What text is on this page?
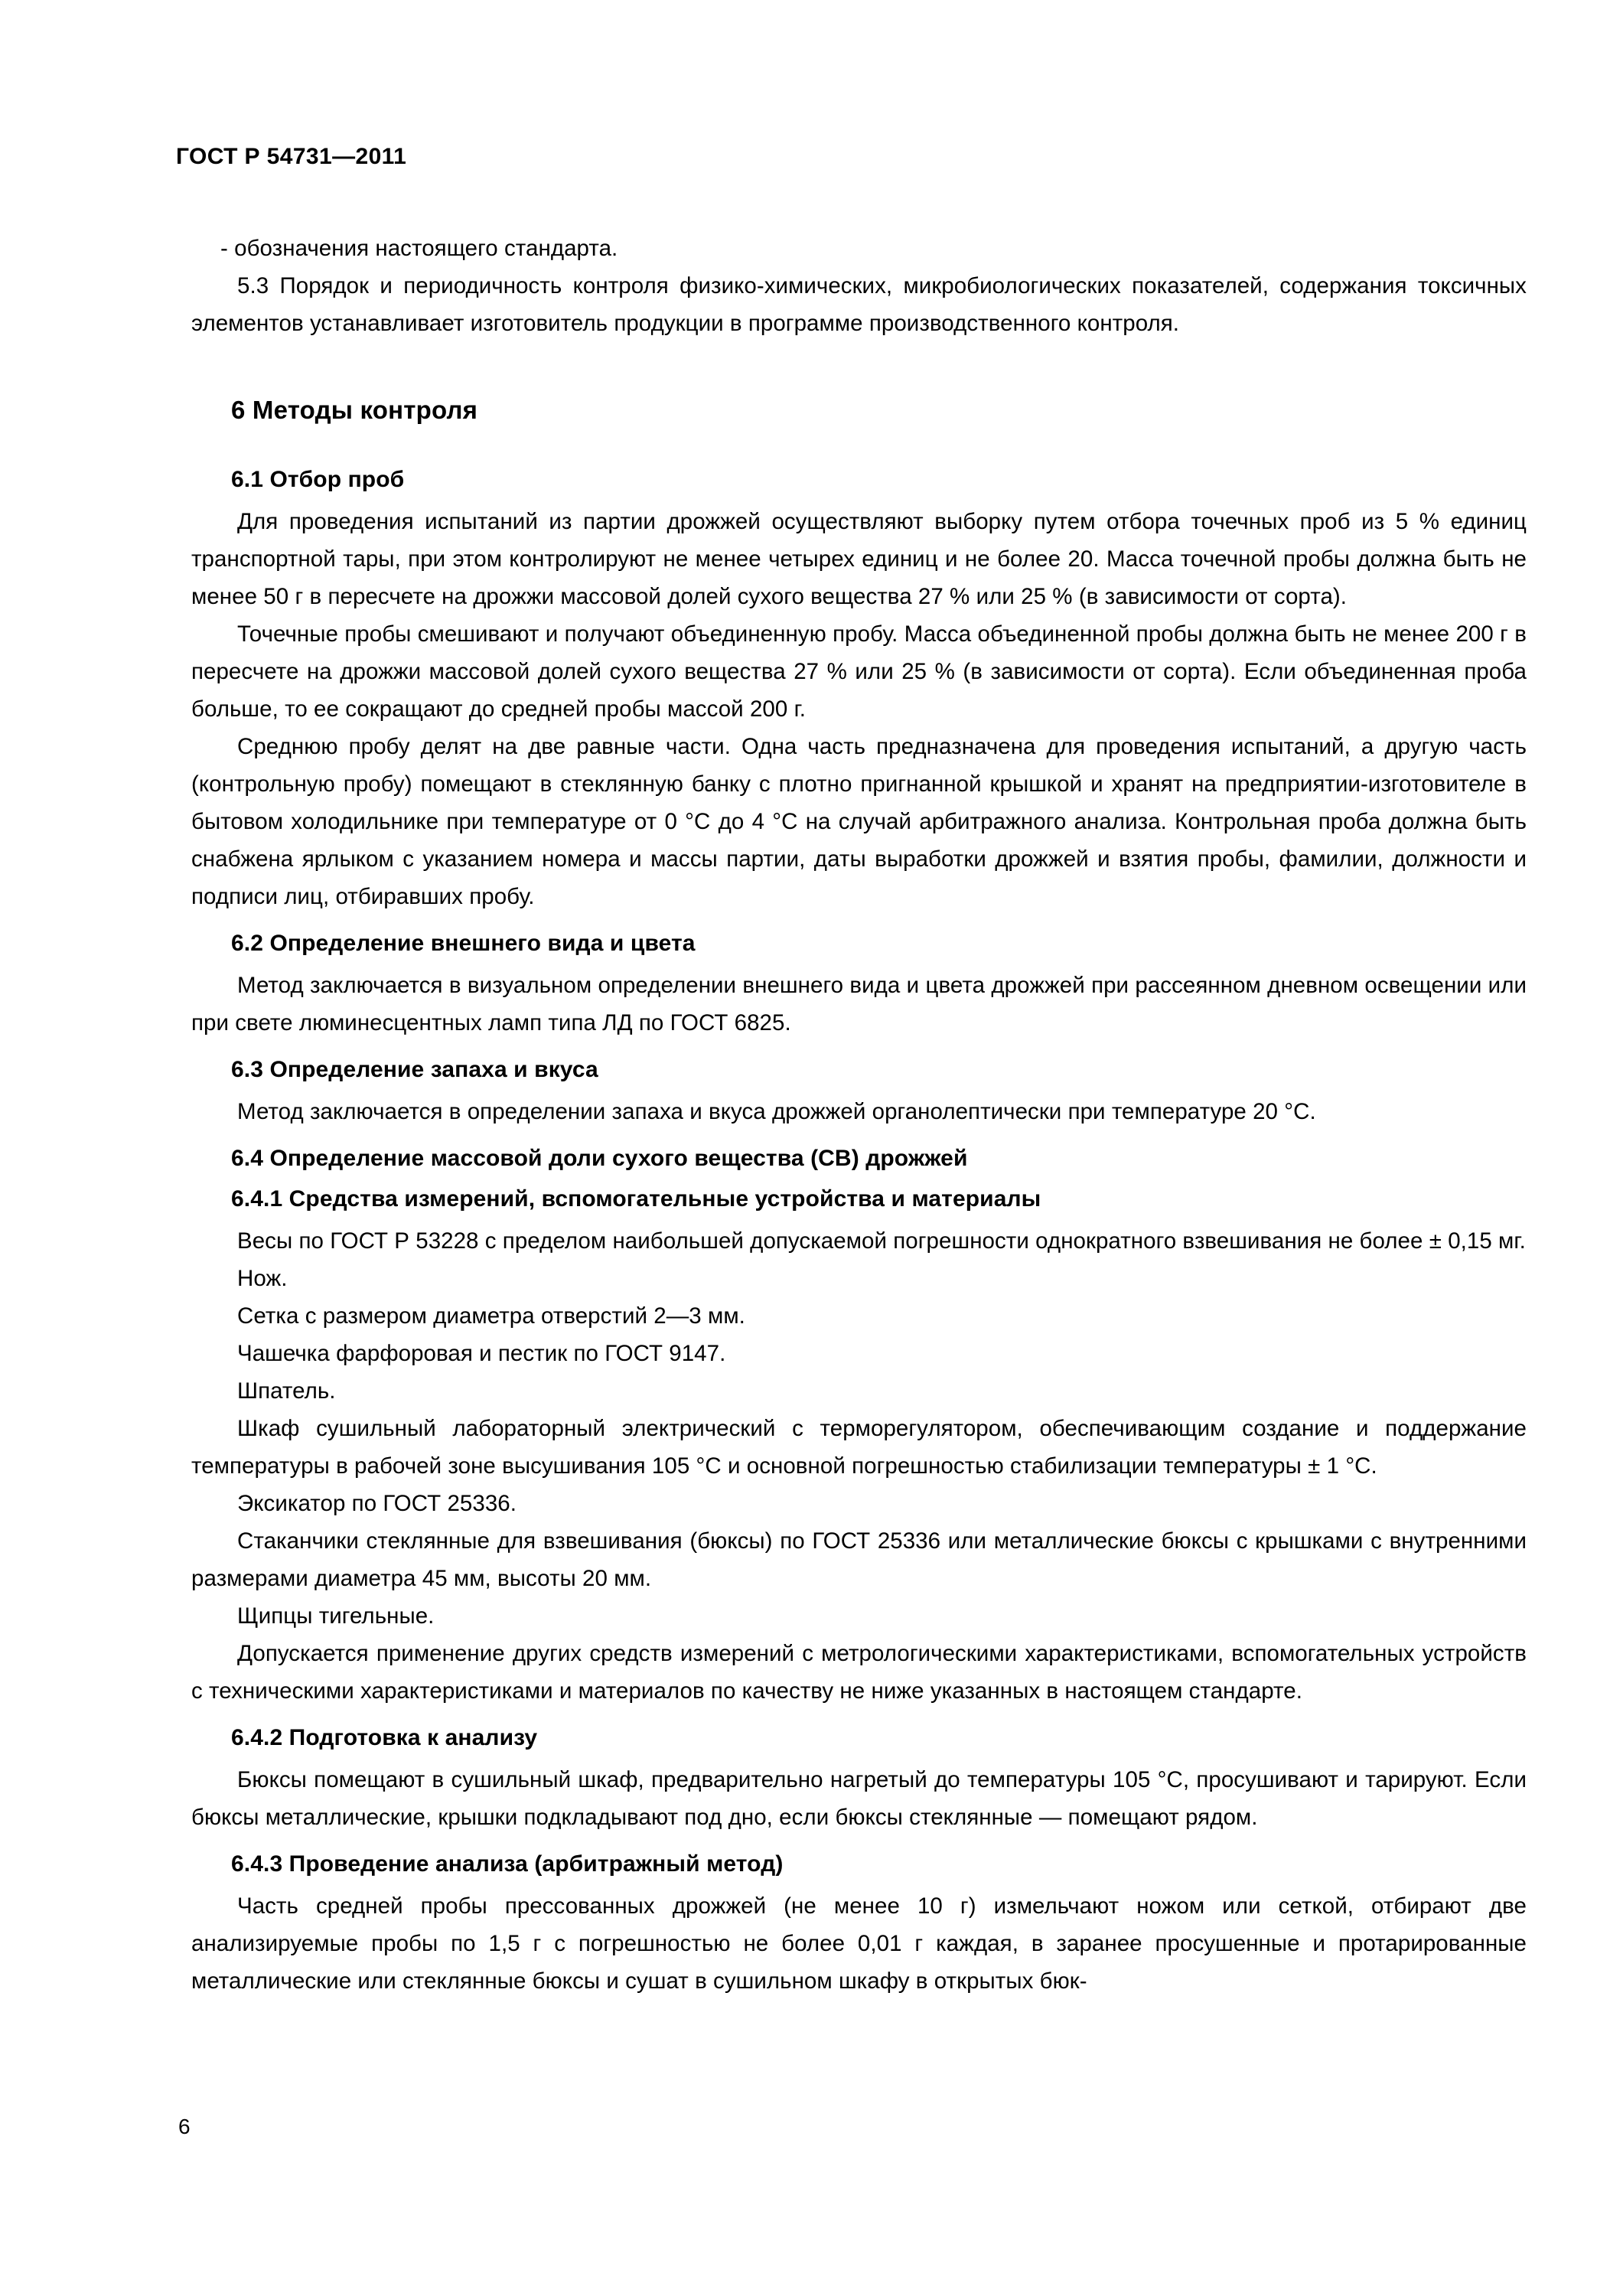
ГОСТ Р 54731—2011

- обозначения настоящего стандарта.

5.3 Порядок и периодичность контроля физико-химических, микробиологических показателей, содержания токсичных элементов устанавливает изготовитель продукции в программе производственного контроля.

6 Методы контроля
6.1 Отбор проб

Для проведения испытаний из партии дрожжей осуществляют выборку путем отбора точечных проб из 5 % единиц транспортной тары, при этом контролируют не менее четырех единиц и не более 20. Масса точечной пробы должна быть не менее 50 г в пересчете на дрожжи массовой долей сухого вещества 27 % или 25 % (в зависимости от сорта).

Точечные пробы смешивают и получают объединенную пробу. Масса объединенной пробы должна быть не менее 200 г в пересчете на дрожжи массовой долей сухого вещества 27 % или 25 % (в зависимости от сорта). Если объединенная проба больше, то ее сокращают до средней пробы массой 200 г.

Среднюю пробу делят на две равные части. Одна часть предназначена для проведения испытаний, а другую часть (контрольную пробу) помещают в стеклянную банку с плотно пригнанной крышкой и хранят на предприятии-изготовителе в бытовом холодильнике при температуре от 0 °С до 4 °С на случай арбитражного анализа. Контрольная проба должна быть снабжена ярлыком с указанием номера и массы партии, даты выработки дрожжей и взятия пробы, фамилии, должности и подписи лиц, отбиравших пробу.

6.2 Определение внешнего вида и цвета

Метод заключается в визуальном определении внешнего вида и цвета дрожжей при рассеянном дневном освещении или при свете люминесцентных ламп типа ЛД по ГОСТ 6825.

6.3 Определение запаха и вкуса

Метод заключается в определении запаха и вкуса дрожжей органолептически при температуре 20 °С.

6.4 Определение массовой доли сухого вещества (СВ) дрожжей
6.4.1 Средства измерений, вспомогательные устройства и материалы

Весы по ГОСТ Р 53228 с пределом наибольшей допускаемой погрешности однократного взвешивания не более ± 0,15 мг.

Нож.

Сетка с размером диаметра отверстий 2—3 мм.

Чашечка фарфоровая и пестик по ГОСТ 9147.

Шпатель.

Шкаф сушильный лабораторный электрический с терморегулятором, обеспечивающим создание и поддержание температуры в рабочей зоне высушивания 105 °С и основной погрешностью стабилизации температуры ± 1 °С.

Эксикатор по ГОСТ 25336.

Стаканчики стеклянные для взвешивания (бюксы) по ГОСТ 25336 или металлические бюксы с крышками с внутренними размерами диаметра 45 мм, высоты 20 мм.

Щипцы тигельные.

Допускается применение других средств измерений с метрологическими характеристиками, вспомогательных устройств с техническими характеристиками и материалов по качеству не ниже указанных в настоящем стандарте.

6.4.2 Подготовка к анализу

Бюксы помещают в сушильный шкаф, предварительно нагретый до температуры 105 °С, просушивают и тарируют. Если бюксы металлические, крышки подкладывают под дно, если бюксы стеклянные — помещают рядом.

6.4.3 Проведение анализа (арбитражный метод)

Часть средней пробы прессованных дрожжей (не менее 10 г) измельчают ножом или сеткой, отбирают две анализируемые пробы по 1,5 г с погрешностью не более 0,01 г каждая, в заранее просушенные и протарированные металлические или стеклянные бюксы и сушат в сушильном шкафу в открытых бюк-

6
